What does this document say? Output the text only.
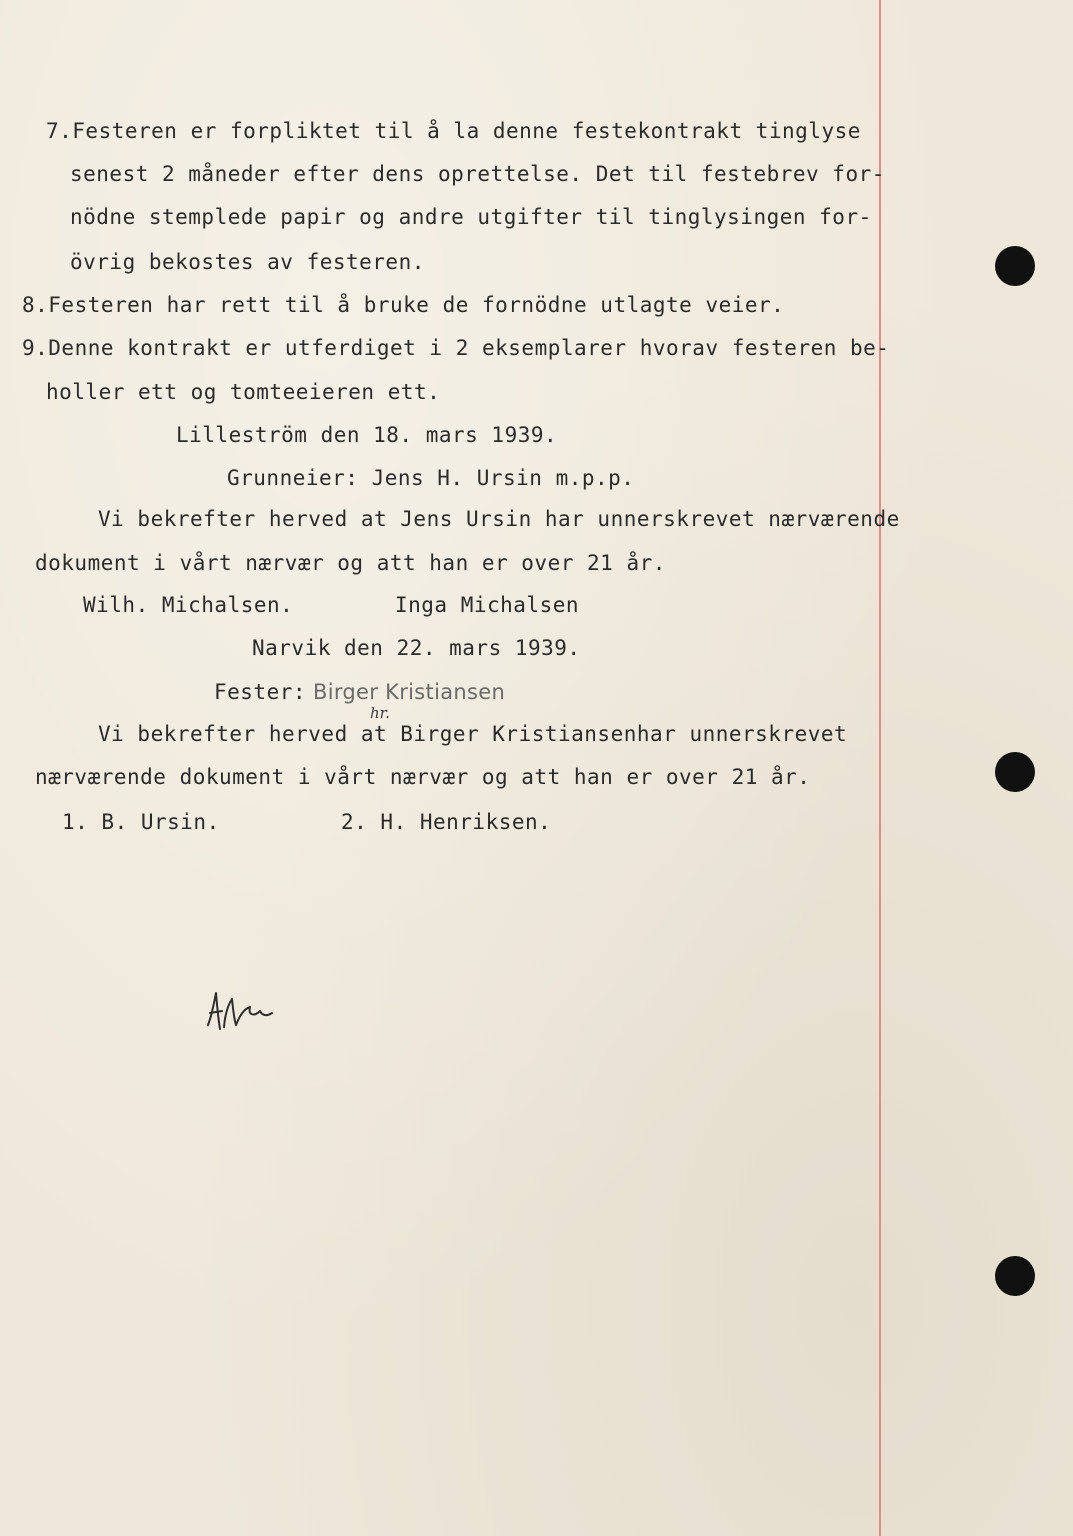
7.Festeren er forpliktet til å la denne festekontrakt tinglyse
senest 2 måneder efter dens oprettelse. Det til festebrev for-
nödne stemplede papir og andre utgifter til tinglysingen for-
övrig bekostes av festeren.
8.Festeren har rett til å bruke de fornödne utlagte veier.
9.Denne kontrakt er utferdiget i 2 eksemplarer hvorav festeren be-
holler ett og tomteeieren ett.
Lilleström den 18. mars 1939.
Grunneier: Jens H. Ursin m.p.p.
Vi bekrefter herved at Jens Ursin har unnerskrevet nærværende
dokument i vårt nærvær og att han er over 21 år.
Wilh. Michalsen.	Inga Michalsen
Narvik den 22. mars 1939.
Fester: Birger Kristiansen
hr.
Vi bekrefter herved at Birger Kristiansenhar unnerskrevet
nærværende dokument i vårt nærvær og att han er over 21 år.
1. B. Ursin.	2. H. Henriksen.
